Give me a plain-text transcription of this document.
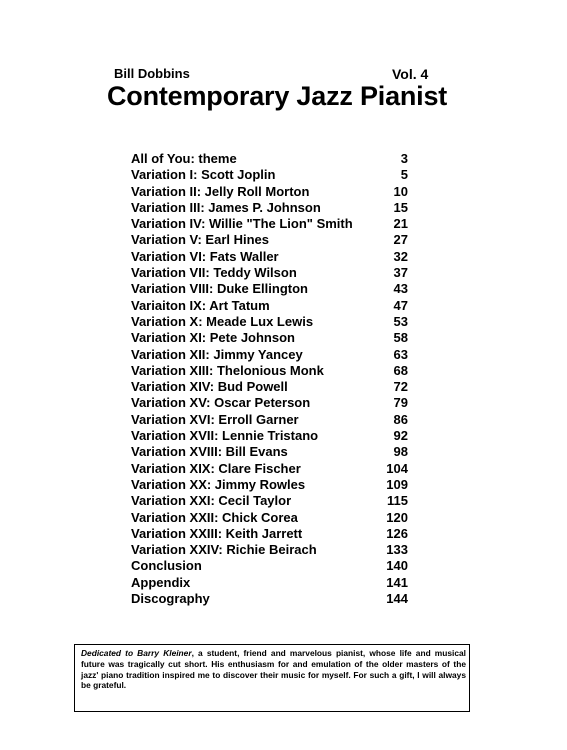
Bill Dobbins	Vol. 4
Contemporary Jazz Pianist
All of You: theme	3
Variation I: Scott Joplin	5
Variation II: Jelly Roll Morton	10
Variation III: James P. Johnson	15
Variation IV: Willie "The Lion" Smith	21
Variation V: Earl Hines	27
Variation VI: Fats Waller	32
Variation VII: Teddy Wilson	37
Variation VIII: Duke Ellington	43
Variaiton IX: Art Tatum	47
Variation X: Meade Lux Lewis	53
Variation XI: Pete Johnson	58
Variation XII: Jimmy Yancey	63
Variation XIII: Thelonious Monk	68
Variation XIV: Bud Powell	72
Variation XV: Oscar Peterson	79
Variation XVI: Erroll Garner	86
Variation XVII: Lennie Tristano	92
Variation XVIII: Bill Evans	98
Variation XIX: Clare Fischer	104
Variation XX: Jimmy Rowles	109
Variation XXI: Cecil Taylor	115
Variation XXII: Chick Corea	120
Variation XXIII: Keith Jarrett	126
Variation XXIV: Richie Beirach	133
Conclusion	140
Appendix	141
Discography	144
Dedicated to Barry Kleiner, a student, friend and marvelous pianist, whose life and musical future was tragically cut short. His enthusiasm for and emulation of the older masters of the jazz' piano tradition inspired me to discover their music for myself. For such a gift, I will always be grateful.
